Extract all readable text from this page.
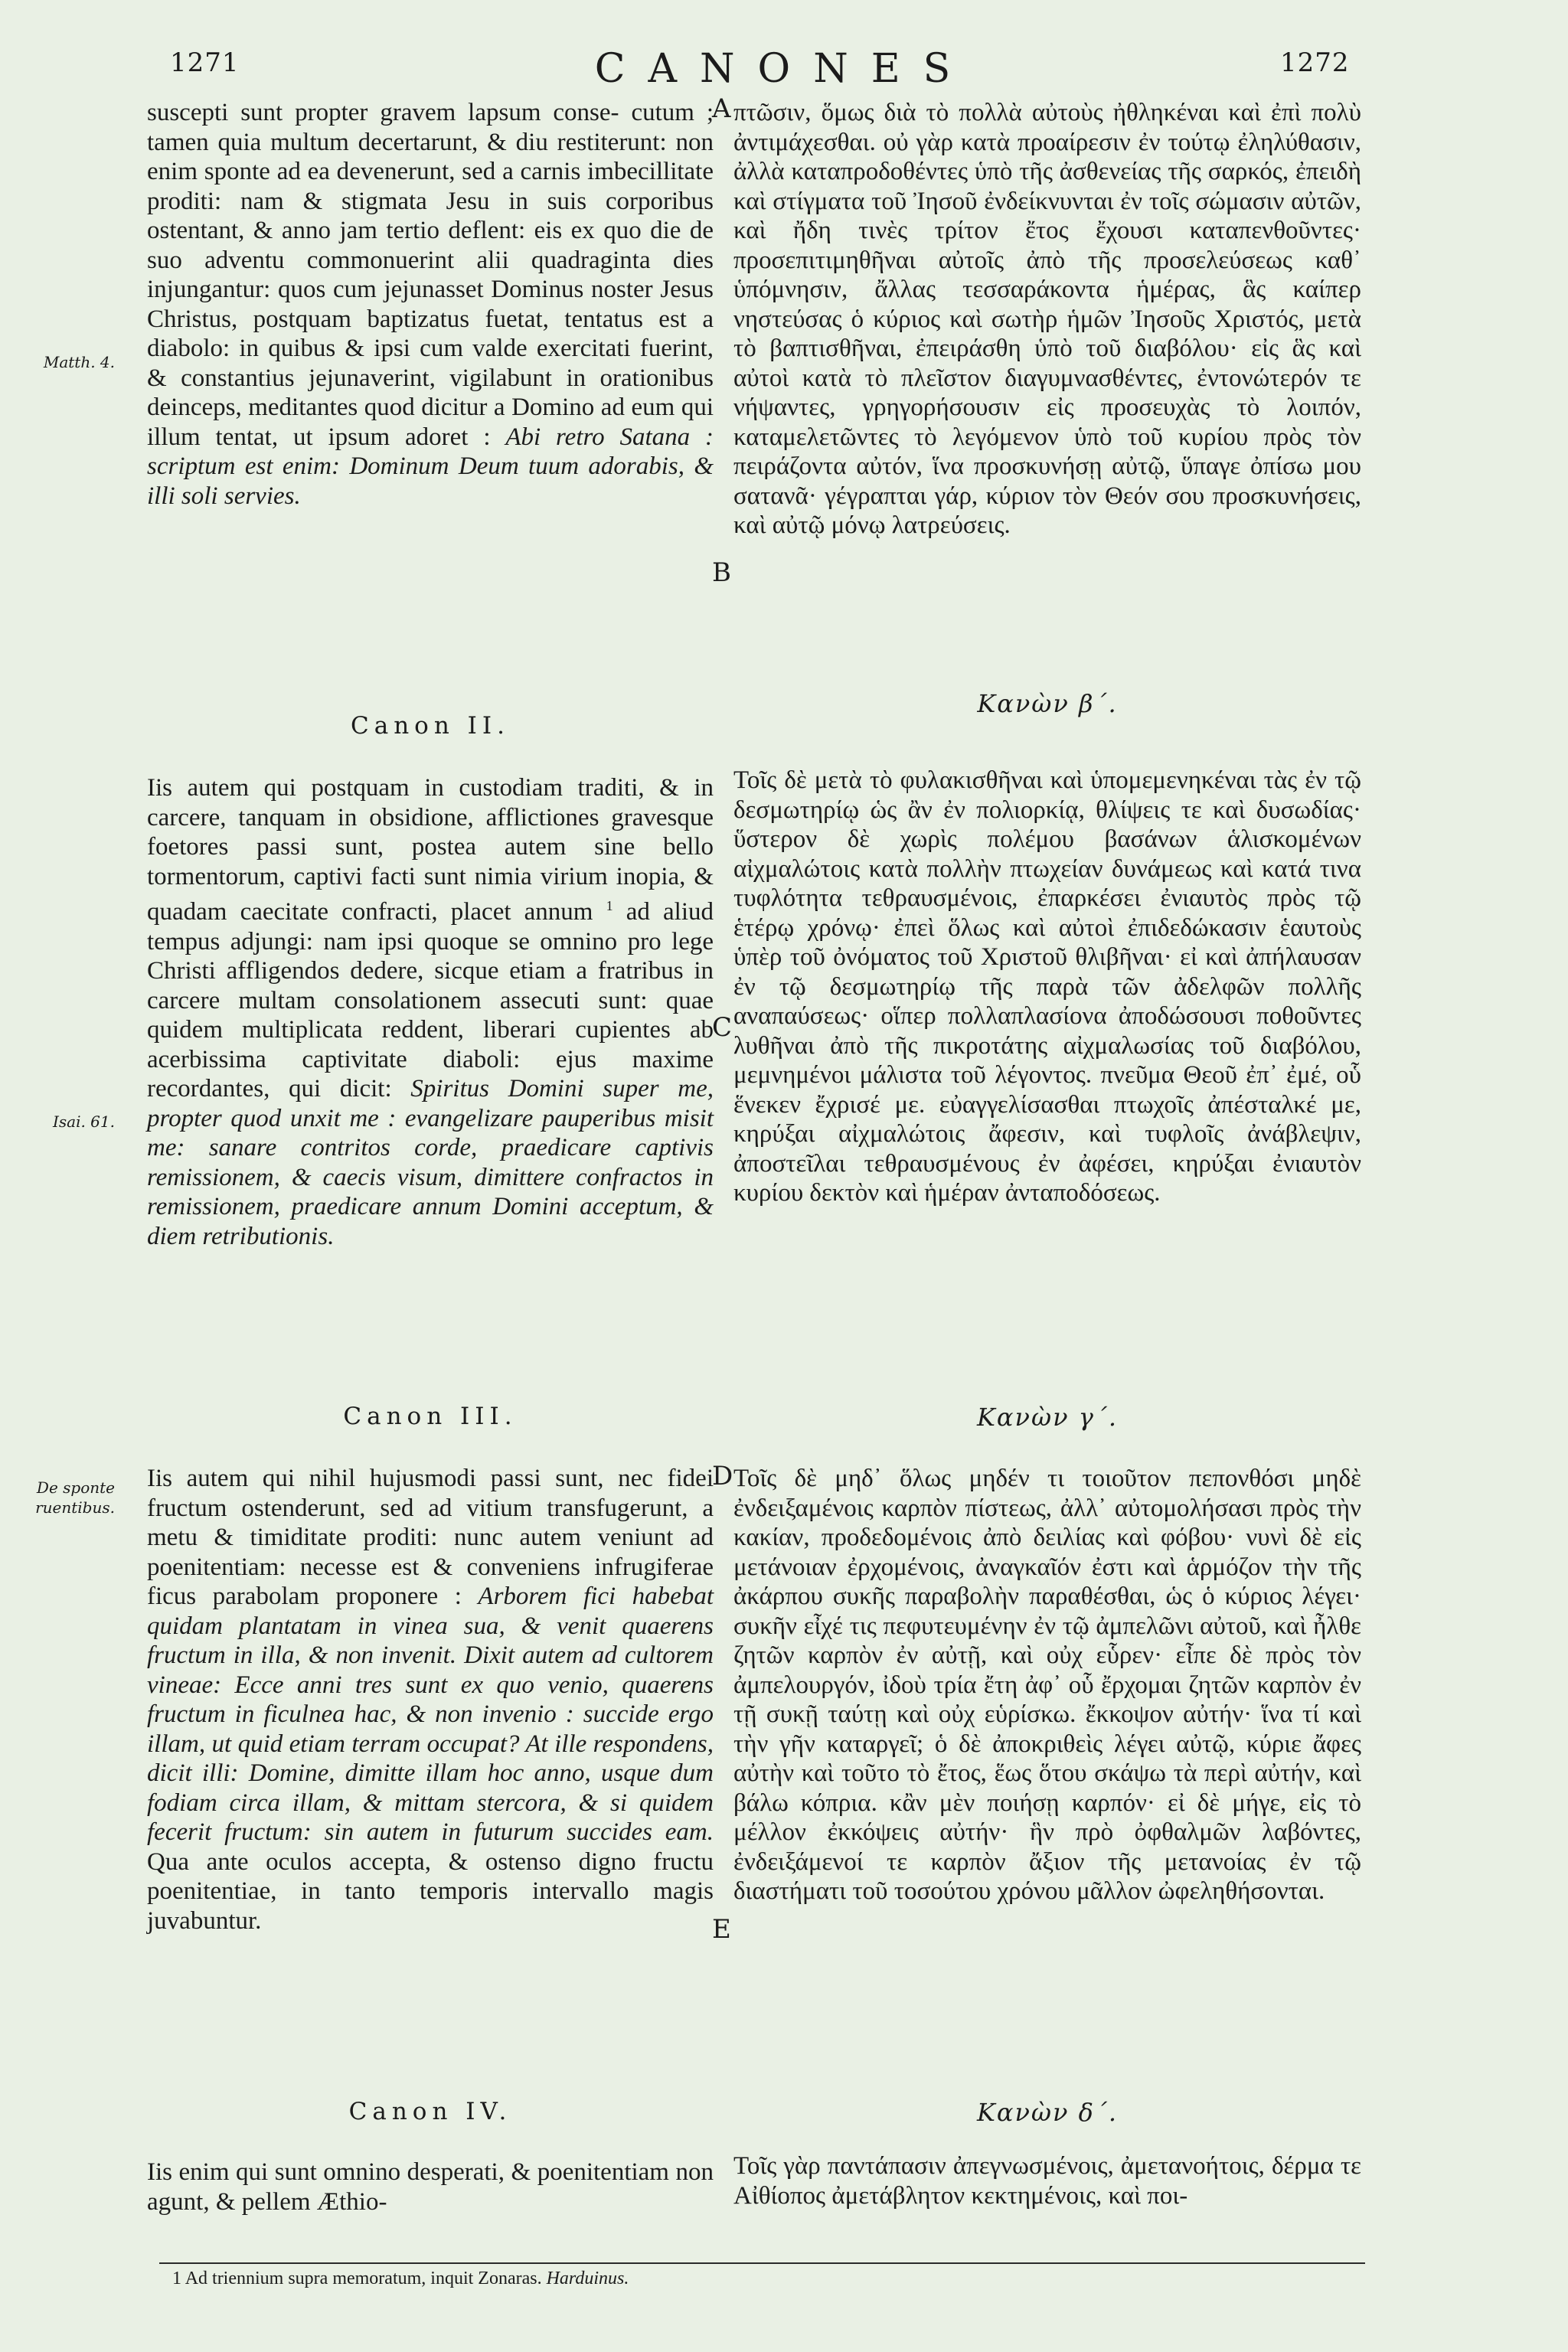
1271	CANONES	1272
Matth. 4.
Isai. 61.
De sponte ruentibus.
A
B
C
D
E

suscepti sunt propter gravem lapsum conse- cutum ; tamen quia multum decertarunt, & diu restiterunt: non enim sponte ad ea devenerunt, sed a carnis imbecillitate proditi: nam & stigmata Jesu in suis corporibus ostentant, & anno jam tertio deflent: eis ex quo die de suo adventu commonuerint alii quadraginta dies injungantur: quos cum jejunasset Dominus noster Jesus Christus, postquam baptizatus fuetat, tentatus est a diabolo: in quibus & ipsi cum valde exercitati fuerint, & constantius jejunaverint, vigilabunt in orationibus deinceps, meditantes quod dicitur a Domino ad eum qui illum tentat, ut ipsum adoret : Abi retro Satana : scriptum est enim: Dominum Deum tuum adorabis, & illi soli servies.

πτῶσιν, ὅμως διὰ τὸ πολλὰ αὐτοὺς ἠθληκέναι καὶ ἐπὶ πολὺ ἀντιμάχεσθαι. οὐ γὰρ κατὰ προαίρεσιν ἐν τούτῳ ἐληλύθασιν, ἀλλὰ καταπροδοθέντες ὑπὸ τῆς ἀσθενείας τῆς σαρκός, ἐπειδὴ καὶ στίγματα τοῦ Ἰησοῦ ἐνδείκνυνται ἐν τοῖς σώμασιν αὐτῶν, καὶ ἤδη τινὲς τρίτον ἔτος ἔχουσι καταπενθοῦντες· προσεπιτιμηθῆναι αὐτοῖς ἀπὸ τῆς προσελεύσεως καθ᾽ ὑπόμνησιν, ἄλλας τεσσαράκοντα ἡμέρας, ἃς καίπερ νηστεύσας ὁ κύριος καὶ σωτὴρ ἡμῶν Ἰησοῦς Χριστός, μετὰ τὸ βαπτισθῆναι, ἐπειράσθη ὑπὸ τοῦ διαβόλου· εἰς ἃς καὶ αὐτοὶ κατὰ τὸ πλεῖστον διαγυμνασθέντες, ἐντονώτερόν τε νήψαντες, γρηγορήσουσιν εἰς προσευχὰς τὸ λοιπόν, καταμελετῶντες τὸ λεγόμενον ὑπὸ τοῦ κυρίου πρὸς τὸν πειράζοντα αὐτόν, ἵνα προσκυνήσῃ αὐτῷ, ὕπαγε ὀπίσω μου σατανᾶ· γέγραπται γάρ, κύριον τὸν Θεόν σου προσκυνήσεις, καὶ αὐτῷ μόνῳ λατρεύσεις.

Canon II.
Κανὼν β΄.

Iis autem qui postquam in custodiam traditi, & in carcere, tanquam in obsidione, afflictiones gravesque foetores passi sunt, postea autem sine bello tormentorum, captivi facti sunt nimia virium inopia, & quadam caecitate confracti, placet annum $^1$ ad aliud tempus adjungi: nam ipsi quoque se omnino pro lege Christi affligendos dedere, sicque etiam a fratribus in carcere multam consolationem assecuti sunt: quae quidem multiplicata reddent, liberari cupientes ab acerbissima captivitate diaboli: ejus maxime recordantes, qui dicit: Spiritus Domini super me, propter quod unxit me : evangelizare pauperibus misit me: sanare contritos corde, praedicare captivis remissionem, & caecis visum, dimittere confractos in remissionem, praedicare annum Domini acceptum, & diem retributionis.

Τοῖς δὲ μετὰ τὸ φυλακισθῆναι καὶ ὑπομεμενηκέναι τὰς ἐν τῷ δεσμωτηρίῳ ὡς ἂν ἐν πολιορκίᾳ, θλίψεις τε καὶ δυσωδίας· ὕστερον δὲ χωρὶς πολέμου βασάνων ἁλισκομένων αἰχμαλώτοις κατὰ πολλὴν πτωχείαν δυνάμεως καὶ κατά τινα τυφλότητα τεθραυσμένοις, ἐπαρκέσει ἐνιαυτὸς πρὸς τῷ ἑτέρῳ χρόνῳ· ἐπεὶ ὅλως καὶ αὐτοὶ ἐπιδεδώκασιν ἑαυτοὺς ὑπὲρ τοῦ ὀνόματος τοῦ Χριστοῦ θλιβῆναι· εἰ καὶ ἀπήλαυσαν ἐν τῷ δεσμωτηρίῳ τῆς παρὰ τῶν ἀδελφῶν πολλῆς αναπαύσεως· οἵπερ πολλαπλασίονα ἀποδώσουσι ποθοῦντες λυθῆναι ἀπὸ τῆς πικροτάτης αἰχμαλωσίας τοῦ διαβόλου, μεμνημένοι μάλιστα τοῦ λέγοντος. πνεῦμα Θεοῦ ἐπ᾽ ἐμέ, οὗ ἕνεκεν ἔχρισέ με. εὐαγγελίσασθαι πτωχοῖς ἀπέσταλκέ με, κηρύξαι αἰχμαλώτοις ἄφεσιν, καὶ τυφλοῖς ἀνάβλεψιν, ἀποστεῖλαι τεθραυσμένους ἐν ἀφέσει, κηρύξαι ἐνιαυτὸν κυρίου δεκτὸν καὶ ἡμέραν ἀνταποδόσεως.

Canon III.	Κανὼν γ΄.

Iis autem qui nihil hujusmodi passi sunt, nec fidei fructum ostenderunt, sed ad vitium transfugerunt, a metu & timiditate proditi: nunc autem veniunt ad poenitentiam: necesse est & conveniens infrugiferae ficus parabolam proponere : Arborem fici habebat quidam plantatam in vinea sua, & venit quaerens fructum in illa, & non invenit. Dixit autem ad cultorem vineae: Ecce anni tres sunt ex quo venio, quaerens fructum in ficulnea hac, & non invenio : succide ergo illam, ut quid etiam terram occupat? At ille respondens, dicit illi: Domine, dimitte illam hoc anno, usque dum fodiam circa illam, & mittam stercora, & si quidem fecerit fructum: sin autem in futurum succides eam. Qua ante oculos accepta, & ostenso digno fructu poenitentiae, in tanto temporis intervallo magis juvabuntur.

Τοῖς δὲ μηδ᾽ ὅλως μηδέν τι τοιοῦτον πεπονθόσι μηδὲ ἐνδειξαμένοις καρπὸν πίστεως, ἀλλ᾽ αὐτομολήσασι πρὸς τὴν κακίαν, προδεδομένοις ἀπὸ δειλίας καὶ φόβου· νυνὶ δὲ εἰς μετάνοιαν ἐρχομένοις, ἀναγκαῖόν ἐστι καὶ ἁρμόζον τὴν τῆς ἀκάρπου συκῆς παραβολὴν παραθέσθαι, ὡς ὁ κύριος λέγει· συκῆν εἶχέ τις πεφυτευμένην ἐν τῷ ἀμπελῶνι αὐτοῦ, καὶ ἦλθε ζητῶν καρπὸν ἐν αὐτῇ, καὶ οὐχ εὗρεν· εἶπε δὲ πρὸς τὸν ἀμπελουργόν, ἰδοὺ τρία ἔτη ἀφ᾽ οὗ ἔρχομαι ζητῶν καρπὸν ἐν τῇ συκῇ ταύτῃ καὶ οὐχ εὑρίσκω. ἔκκοψον αὐτήν· ἵνα τί καὶ τὴν γῆν καταργεῖ; ὁ δὲ ἀποκριθεὶς λέγει αὐτῷ, κύριε ἄφες αὐτὴν καὶ τοῦτο τὸ ἔτος, ἕως ὅτου σκάψω τὰ περὶ αὐτήν, καὶ βάλω κόπρια. κἂν μὲν ποιήσῃ καρπόν· εἰ δὲ μήγε, εἰς τὸ μέλλον ἐκκόψεις αὐτήν· ἣν πρὸ ὀφθαλμῶν λαβόντες, ἐνδειξάμενοί τε καρπὸν ἄξιον τῆς μετανοίας ἐν τῷ διαστήματι τοῦ τοσούτου χρόνου μᾶλλον ὠφεληθήσονται.

Canon IV.	Κανὼν δ΄.

Iis enim qui sunt omnino desperati, & poenitentiam non agunt, & pellem Æthio-

Τοῖς γὰρ παντάπασιν ἀπεγνωσμένοις, ἀμετανοήτοις, δέρμα τε Αἰθίοπος ἀμετάβλητον κεκτημένοις, καὶ ποι-

1 Ad triennium supra memoratum, inquit Zonaras. Harduinus.
